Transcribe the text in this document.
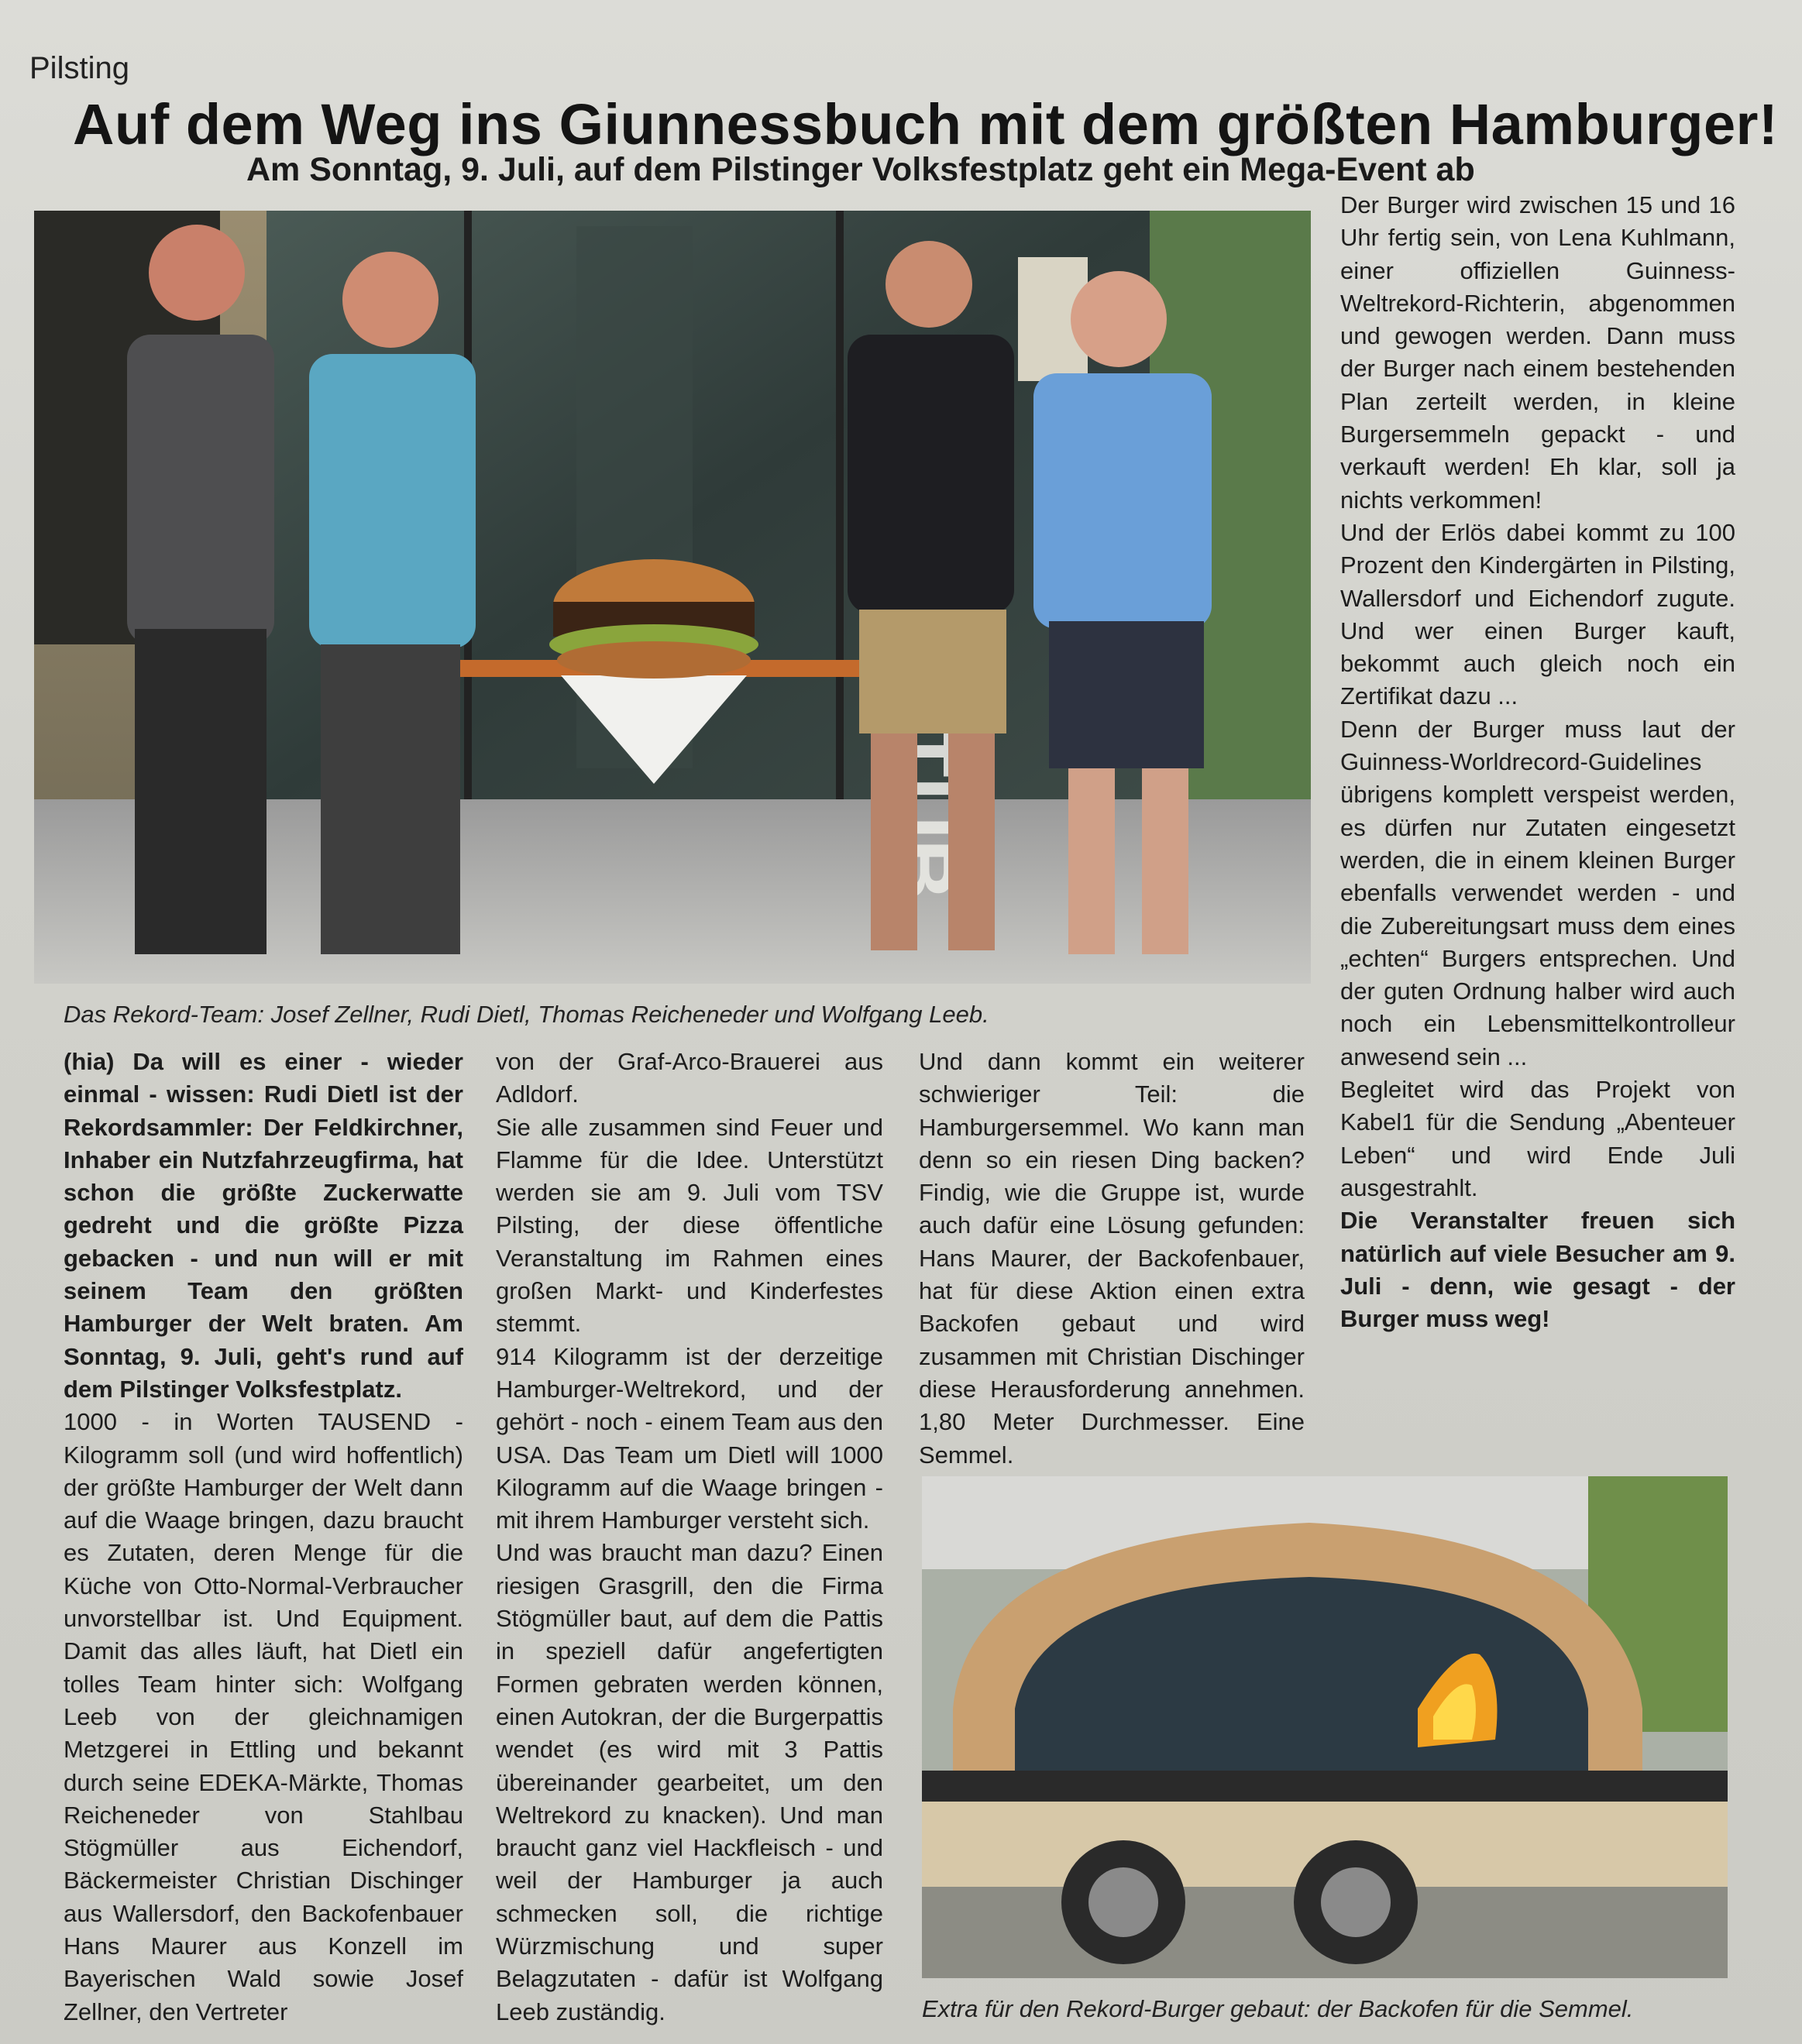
Pilsting
Auf dem Weg ins Giunnessbuch mit dem größten Hamburger!
Am Sonntag, 9. Juli, auf dem Pilstinger Volksfestplatz geht ein Mega-Event ab
Das Rekord-Team: Josef Zellner, Rudi Dietl, Thomas Reicheneder und Wolfgang Leeb.

(hia) Da will es einer - wieder einmal - wissen: Rudi Dietl ist der Rekordsammler: Der Feldkirchner, Inhaber ein Nutzfahrzeugfirma, hat schon die größte Zuckerwatte gedreht und die größte Pizza gebacken - und nun will er mit seinem Team den größten Hamburger der Welt braten. Am Sonntag, 9. Juli, geht's rund auf dem Pilstinger Volksfestplatz.

1000 - in Worten TAUSEND - Kilogramm soll (und wird hoffentlich) der größte Hamburger der Welt dann auf die Waage bringen, dazu braucht es Zutaten, deren Menge für die Küche von Otto-Normal-Verbraucher unvorstellbar ist. Und Equipment. Damit das alles läuft, hat Dietl ein tolles Team hinter sich: Wolfgang Leeb von der gleichnamigen Metzgerei in Ettling und bekannt durch seine EDEKA-Märkte, Thomas Reicheneder von Stahlbau Stögmüller aus Eichendorf, Bäckermeister Christian Dischinger aus Wallersdorf, den Backofenbauer Hans Maurer aus Konzell im Bayerischen Wald sowie Josef Zellner, den Vertreter

von der Graf-Arco-Brauerei aus Adldorf.

Sie alle zusammen sind Feuer und Flamme für die Idee. Unterstützt werden sie am 9. Juli vom TSV Pilsting, der diese öffentliche Veranstaltung im Rahmen eines großen Markt- und Kinderfestes stemmt.

914 Kilogramm ist der derzeitige Hamburger-Weltrekord, und der gehört - noch - einem Team aus den USA. Das Team um Dietl will 1000 Kilogramm auf die Waage bringen - mit ihrem Hamburger versteht sich.

Und was braucht man dazu? Einen riesigen Grasgrill, den die Firma Stögmüller baut, auf dem die Pattis in speziell dafür angefertigten Formen gebraten werden können, einen Autokran, der die Burgerpattis wendet (es wird mit 3 Pattis übereinander gearbeitet, um den Weltrekord zu knacken). Und man braucht ganz viel Hackfleisch - und weil der Hamburger ja auch schmecken soll, die richtige Würzmischung und super Belagzutaten - dafür ist Wolfgang Leeb zuständig.

Und dann kommt ein weiterer schwieriger Teil: die Hamburgersemmel. Wo kann man denn so ein riesen Ding backen? Findig, wie die Gruppe ist, wurde auch dafür eine Lösung gefunden: Hans Maurer, der Backofenbauer, hat für diese Aktion einen extra Backofen gebaut und wird zusammen mit Christian Dischinger diese Herausforderung annehmen. 1,80 Meter Durchmesser. Eine Semmel.

Extra für den Rekord-Burger gebaut: der Backofen für die Semmel.

Der Burger wird zwischen 15 und 16 Uhr fertig sein, von Lena Kuhlmann, einer offiziellen Guinness-Weltrekord-Richterin, abgenommen und gewogen werden. Dann muss der Burger nach einem bestehenden Plan zerteilt werden, in kleine Burgersemmeln gepackt - und verkauft werden! Eh klar, soll ja nichts verkommen!

Und der Erlös dabei kommt zu 100 Prozent den Kindergärten in Pilsting, Wallersdorf und Eichendorf zugute. Und wer einen Burger kauft, bekommt auch gleich noch ein Zertifikat dazu ...

Denn der Burger muss laut der Guinness-Worldrecord-Guidelines übrigens komplett verspeist werden, es dürfen nur Zutaten eingesetzt werden, die in einem kleinen Burger ebenfalls verwendet werden - und die Zubereitungsart muss dem eines „echten“ Burgers entsprechen. Und der guten Ordnung halber wird auch noch ein Lebensmittelkontrolleur anwesend sein ...

Begleitet wird das Projekt von Kabel1 für die Sendung „Abenteuer Leben“ und wird Ende Juli ausgestrahlt.

Die Veranstalter freuen sich natürlich auf viele Besucher am 9. Juli - denn, wie gesagt - der Burger muss weg!
